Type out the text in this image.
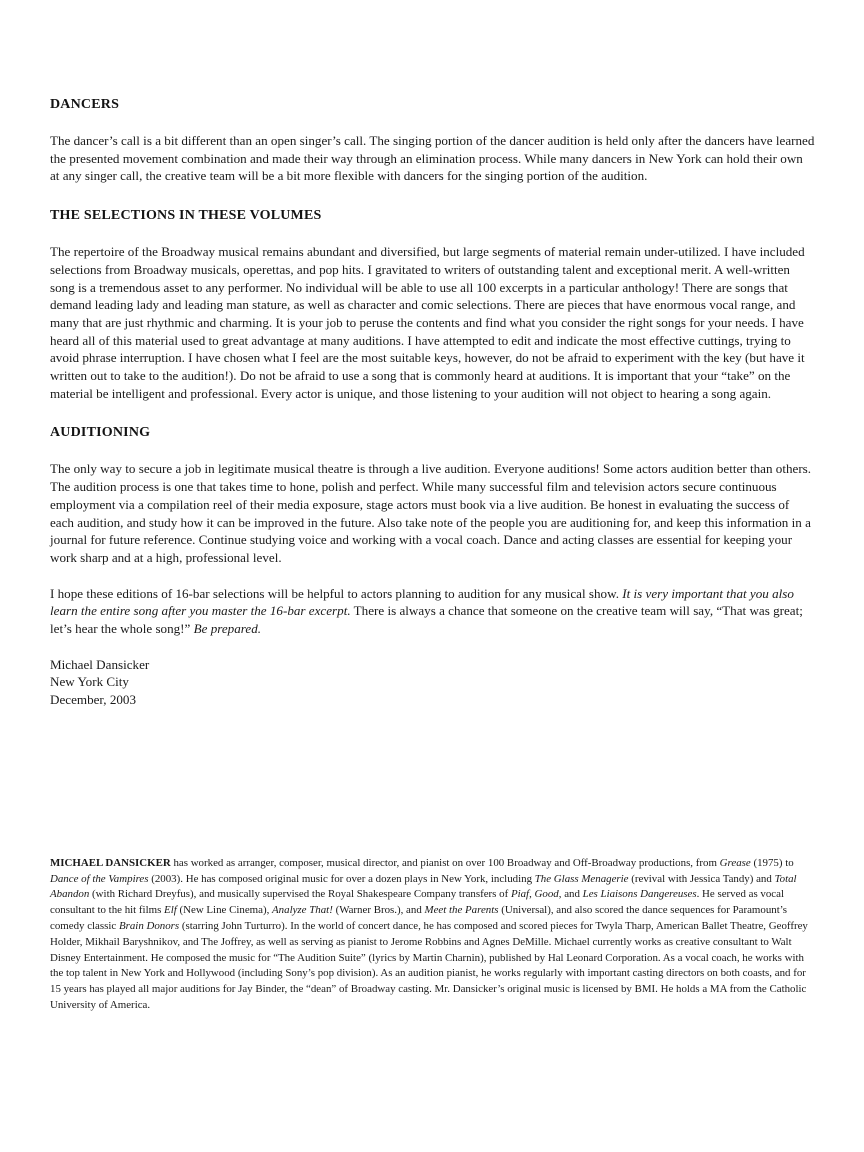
DANCERS

The dancer’s call is a bit different than an open singer’s call. The singing portion of the dancer audition is held only after the dancers have learned the presented movement combination and made their way through an elimination process. While many dancers in New York can hold their own at any singer call, the creative team will be a bit more flexible with dancers for the singing portion of the audition.

THE SELECTIONS IN THESE VOLUMES

The repertoire of the Broadway musical remains abundant and diversified, but large segments of material remain under-utilized. I have included selections from Broadway musicals, operettas, and pop hits. I gravitated to writers of outstanding talent and exceptional merit. A well-written song is a tremendous asset to any performer. No individual will be able to use all 100 excerpts in a particular anthology! There are songs that demand leading lady and leading man stature, as well as character and comic selections. There are pieces that have enormous vocal range, and many that are just rhythmic and charming. It is your job to peruse the contents and find what you consider the right songs for your needs. I have heard all of this material used to great advantage at many auditions. I have attempted to edit and indicate the most effective cuttings, trying to avoid phrase interruption. I have chosen what I feel are the most suitable keys, however, do not be afraid to experiment with the key (but have it written out to take to the audition!). Do not be afraid to use a song that is commonly heard at auditions. It is important that your “take” on the material be intelligent and professional. Every actor is unique, and those listening to your audition will not object to hearing a song again.

AUDITIONING

The only way to secure a job in legitimate musical theatre is through a live audition. Everyone auditions! Some actors audition better than others. The audition process is one that takes time to hone, polish and perfect. While many successful film and television actors secure continuous employment via a compilation reel of their media exposure, stage actors must book via a live audition. Be honest in evaluating the success of each audition, and study how it can be improved in the future. Also take note of the people you are auditioning for, and keep this information in a journal for future reference. Continue studying voice and working with a vocal coach. Dance and acting classes are essential for keeping your work sharp and at a high, professional level.

I hope these editions of 16-bar selections will be helpful to actors planning to audition for any musical show. It is very important that you also learn the entire song after you master the 16-bar excerpt. There is always a chance that someone on the creative team will say, “That was great; let’s hear the whole song!” Be prepared.

Michael Dansicker
New York City
December, 2003

MICHAEL DANSICKER has worked as arranger, composer, musical director, and pianist on over 100 Broadway and Off-Broadway productions, from Grease (1975) to Dance of the Vampires (2003). He has composed original music for over a dozen plays in New York, including The Glass Menagerie (revival with Jessica Tandy) and Total Abandon (with Richard Dreyfus), and musically supervised the Royal Shakespeare Company transfers of Piaf, Good, and Les Liaisons Dangereuses. He served as vocal consultant to the hit films Elf (New Line Cinema), Analyze That! (Warner Bros.), and Meet the Parents (Universal), and also scored the dance sequences for Paramount’s comedy classic Brain Donors (starring John Turturro). In the world of concert dance, he has composed and scored pieces for Twyla Tharp, American Ballet Theatre, Geoffrey Holder, Mikhail Baryshnikov, and The Joffrey, as well as serving as pianist to Jerome Robbins and Agnes DeMille. Michael currently works as creative consultant to Walt Disney Entertainment. He composed the music for “The Audition Suite” (lyrics by Martin Charnin), published by Hal Leonard Corporation. As a vocal coach, he works with the top talent in New York and Hollywood (including Sony’s pop division). As an audition pianist, he works regularly with important casting directors on both coasts, and for 15 years has played all major auditions for Jay Binder, the “dean” of Broadway casting. Mr. Dansicker’s original music is licensed by BMI. He holds a MA from the Catholic University of America.
